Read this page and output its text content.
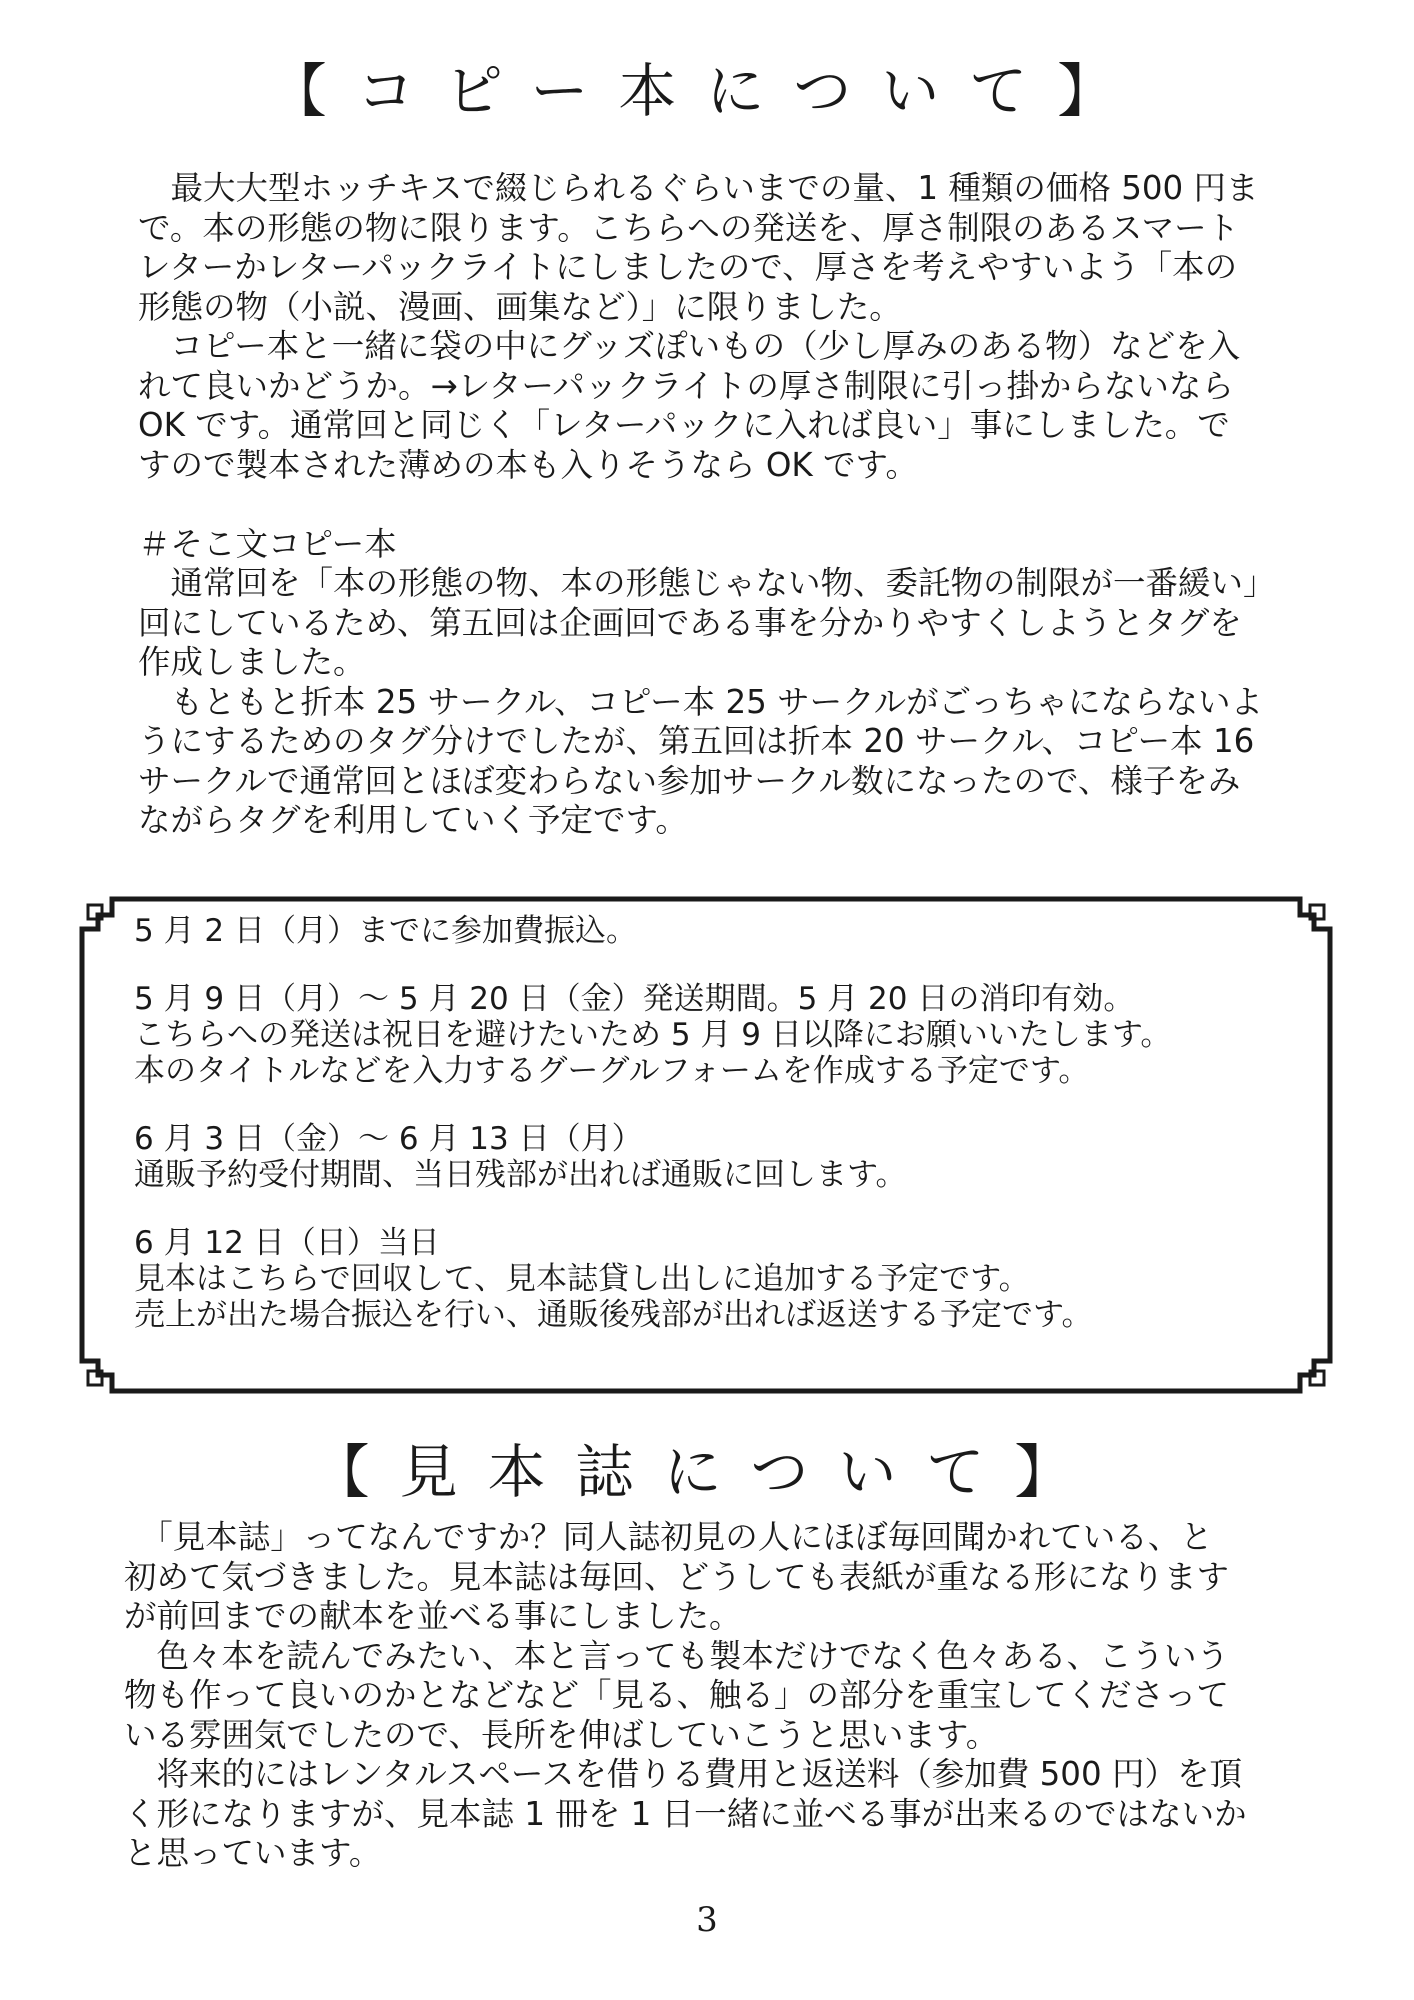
【コピー本について】

　最大大型ホッチキスで綴じられるぐらいまでの量、1 種類の価格 500 円ま

で。本の形態の物に限ります。こちらへの発送を、厚さ制限のあるスマート

レターかレターパックライトにしましたので、厚さを考えやすいよう「本の

形態の物（小説、漫画、画集など）」に限りました。

　コピー本と一緒に袋の中にグッズぽいもの（少し厚みのある物）などを入

れて良いかどうか。→レターパックライトの厚さ制限に引っ掛からないなら

OK です。通常回と同じく「レターパックに入れば良い」事にしました。で

すので製本された薄めの本も入りそうなら OK です。

＃そこ文コピー本

　通常回を「本の形態の物、本の形態じゃない物、委託物の制限が一番緩い」

回にしているため、第五回は企画回である事を分かりやすくしようとタグを

作成しました。

　もともと折本 25 サークル、コピー本 25 サークルがごっちゃにならないよ

うにするためのタグ分けでしたが、第五回は折本 20 サークル、コピー本 16

サークルで通常回とほぼ変わらない参加サークル数になったので、様子をみ

ながらタグを利用していく予定です。

5 月 2 日（月）までに参加費振込。

5 月 9 日（月）～ 5 月 20 日（金）発送期間。5 月 20 日の消印有効。

こちらへの発送は祝日を避けたいため 5 月 9 日以降にお願いいたします。

本のタイトルなどを入力するグーグルフォームを作成する予定です。

6 月 3 日（金）～ 6 月 13 日（月）

通販予約受付期間、当日残部が出れば通販に回します。

6 月 12 日（日）当日

見本はこちらで回収して、見本誌貸し出しに追加する予定です。

売上が出た場合振込を行い、通販後残部が出れば返送する予定です。

【見本誌について】

　「見本誌」ってなんですか？同人誌初見の人にほぼ毎回聞かれている、と

初めて気づきました。見本誌は毎回、どうしても表紙が重なる形になります

が前回までの献本を並べる事にしました。

　色々本を読んでみたい、本と言っても製本だけでなく色々ある、こういう

物も作って良いのかとなどなど「見る、触る」の部分を重宝してくださって

いる雰囲気でしたので、長所を伸ばしていこうと思います。

　将来的にはレンタルスペースを借りる費用と返送料（参加費 500 円）を頂

く形になりますが、見本誌 1 冊を 1 日一緒に並べる事が出来るのではないか

と思っています。

3
